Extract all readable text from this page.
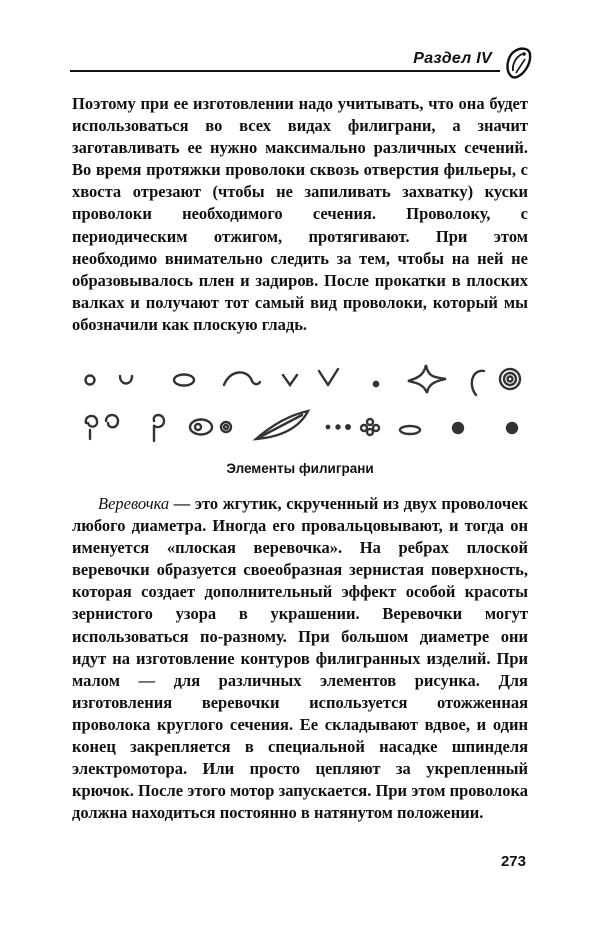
Раздел IV
Поэтому при ее изготовлении надо учитывать, что она будет использоваться во всех видах филиграни, а значит заготавливать ее нужно максимально различных сечений. Во время протяжки проволоки сквозь отверстия фильеры, с хвоста отрезают (чтобы не запиливать захватку) куски проволоки необходимого сечения. Проволоку, с периодическим отжигом, протягивают. При этом необходимо внимательно следить за тем, чтобы на ней не образовывалось плен и задиров. После прокатки в плоских валках и получают тот самый вид проволоки, который мы обозначили как плоскую гладь.
Элементы филиграни
Веревочка — это жгутик, скрученный из двух проволочек любого диаметра. Иногда его провальцовывают, и тогда он именуется «плоская веревочка». На ребрах плоской веревочки образуется своеобразная зернистая поверхность, которая создает дополнительный эффект особой красоты зернистого узора в украшении. Веревочки могут использоваться по-разному. При большом диаметре они идут на изготовление контуров филигранных изделий. При малом — для различных элементов рисунка. Для изготовления веревочки используется отожженная проволока круглого сечения. Ее складывают вдвое, и один конец закрепляется в специальной насадке шпинделя электромотора. Или просто цепляют за укрепленный крючок. После этого мотор запускается. При этом проволока должна находиться постоянно в натянутом положении.
273
